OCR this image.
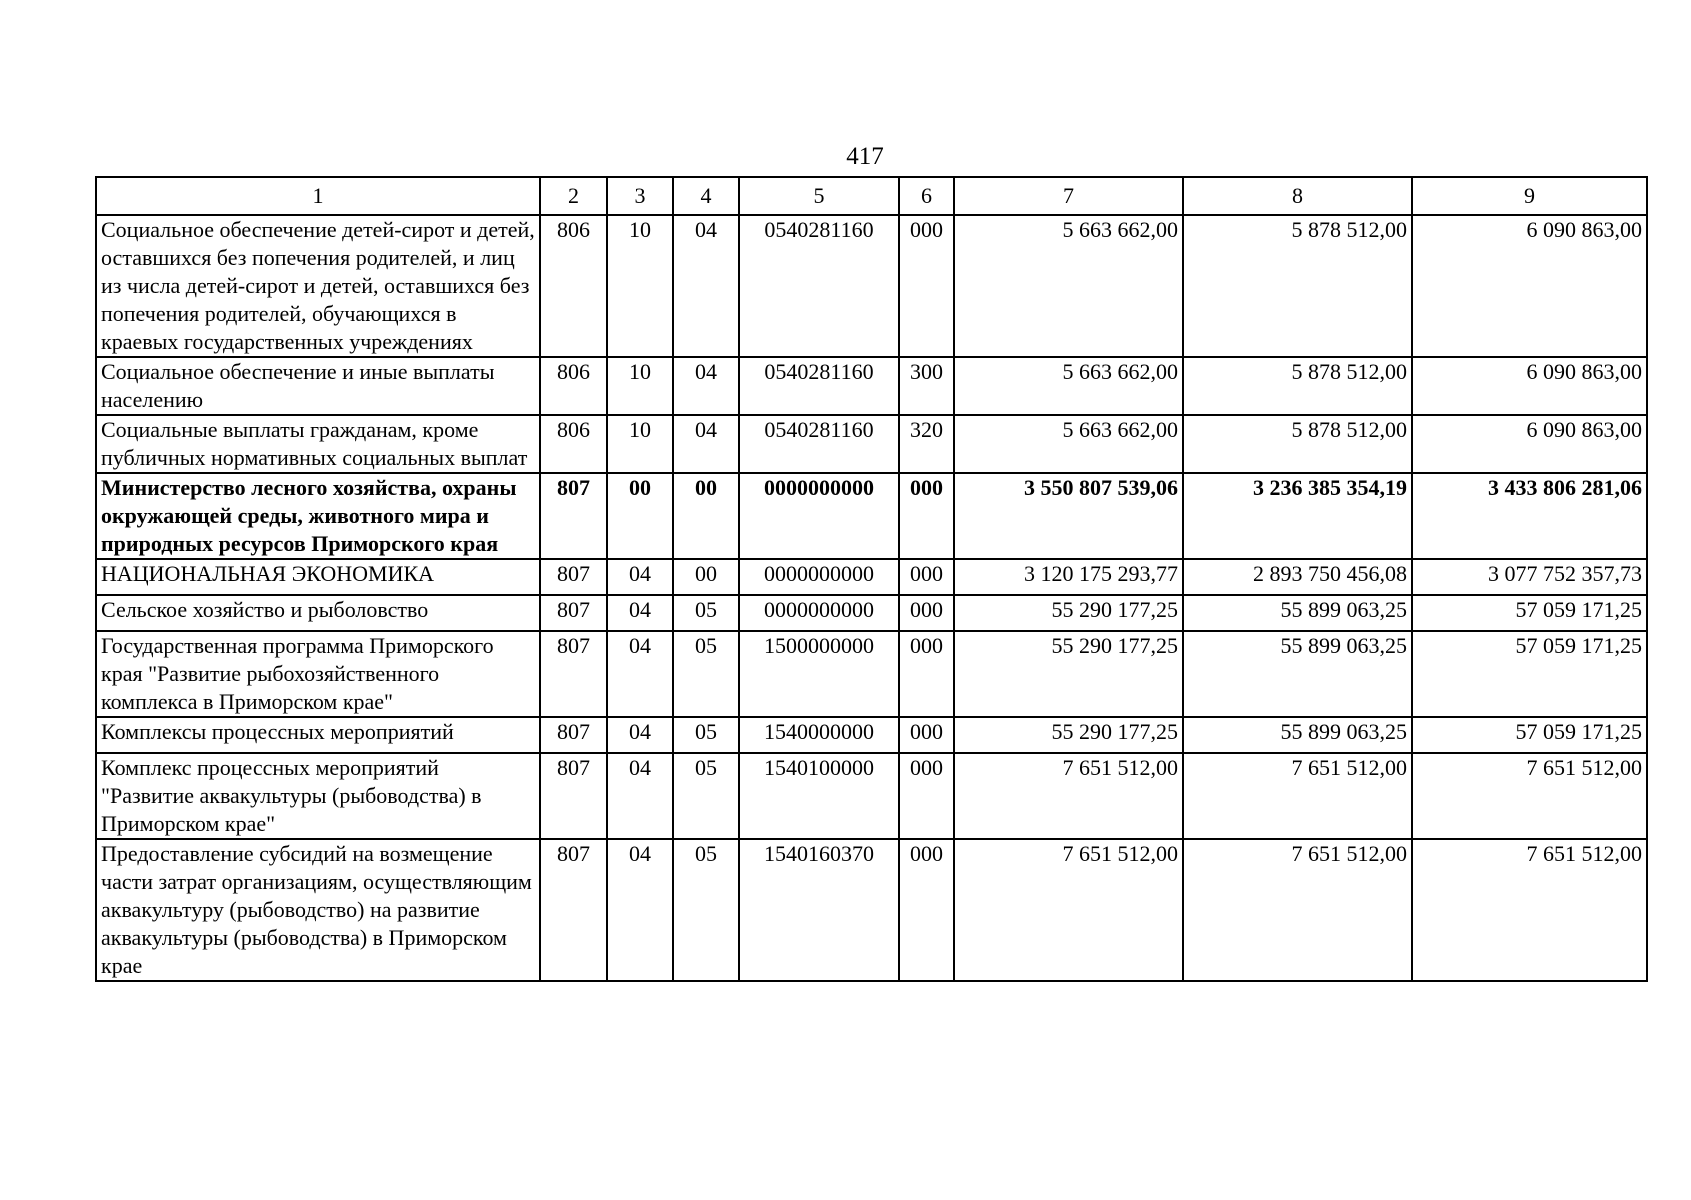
417
1	2	3	4	5	6	7	8	9
Социальное обеспечение детей-сирот и детей, оставшихся без попечения родителей, и лиц из числа детей-сирот и детей, оставшихся без попечения родителей, обучающихся в краевых государственных учреждениях	806	10	04	0540281160	000	5 663 662,00	5 878 512,00	6 090 863,00
Социальное обеспечение и иные выплаты населению	806	10	04	0540281160	300	5 663 662,00	5 878 512,00	6 090 863,00
Социальные выплаты гражданам, кроме публичных нормативных социальных выплат	806	10	04	0540281160	320	5 663 662,00	5 878 512,00	6 090 863,00
Министерство лесного хозяйства, охраны окружающей среды, животного мира и природных ресурсов Приморского края	807	00	00	0000000000	000	3 550 807 539,06	3 236 385 354,19	3 433 806 281,06
НАЦИОНАЛЬНАЯ ЭКОНОМИКА	807	04	00	0000000000	000	3 120 175 293,77	2 893 750 456,08	3 077 752 357,73
Сельское хозяйство и рыболовство	807	04	05	0000000000	000	55 290 177,25	55 899 063,25	57 059 171,25
Государственная программа Приморского края "Развитие рыбохозяйственного комплекса в Приморском крае"	807	04	05	1500000000	000	55 290 177,25	55 899 063,25	57 059 171,25
Комплексы процессных мероприятий	807	04	05	1540000000	000	55 290 177,25	55 899 063,25	57 059 171,25
Комплекс процессных мероприятий "Развитие аквакультуры (рыбоводства) в Приморском крае"	807	04	05	1540100000	000	7 651 512,00	7 651 512,00	7 651 512,00
Предоставление субсидий на возмещение части затрат организациям, осуществляющим аквакультуру (рыбоводство) на развитие аквакультуры (рыбоводства) в Приморском крае	807	04	05	1540160370	000	7 651 512,00	7 651 512,00	7 651 512,00
